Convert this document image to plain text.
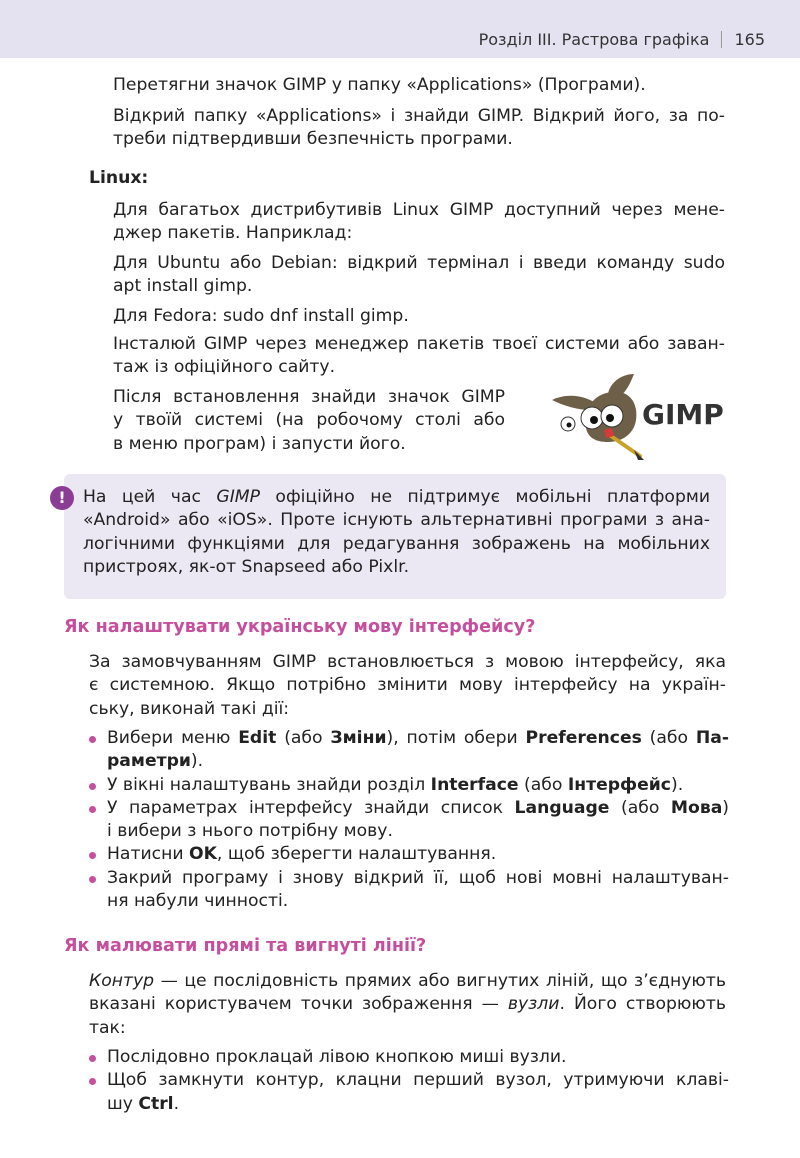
Розділ III. Растрова графіка 165
Перетягни значок GIMP у папку «Applications» (Програми).
Відкрий папку «Applications» і знайди GIMP. Відкрий його, за по-
треби підтвердивши безпечність програми.
Linux:
Для багатьох дистрибутивів Linux GIMP доступний через мене-
джер пакетів. Наприклад:
Для Ubuntu або Debian: відкрий термінал і введи команду sudo
apt install gimp.
Для Fedora: sudo dnf install gimp.
Інсталюй GIMP через менеджер пакетів твоєї системи або заван-
таж із офіційного сайту.
Після встановлення знайди значок GIMP
у твоїй системі (на робочому столі або
в меню програм) і запусти його.
GIMP
!	На цей час GIMP офіційно не підтримує мобільні платформи
«Android» або «iOS». Проте існують альтернативні програми з ана-
логічними функціями для редагування зображень на мобільних
пристроях, як-от Snapseed або Pixlr.
Як налаштувати українську мову інтерфейсу?
За замовчуванням GIMP встановлюється з мовою інтерфейсу, яка
є системною. Якщо потрібно змінити мову інтерфейсу на україн-
ську, виконай такі дії:
Вибери меню Edit (або Зміни), потім обери Preferences (або Па-
раметри).
У вікні налаштувань знайди розділ Interface (або Інтерфейс).
У параметрах інтерфейсу знайди список Language (або Мова)
і вибери з нього потрібну мову.
Натисни OK, щоб зберегти налаштування.
Закрий програму і знову відкрий її, щоб нові мовні налаштуван-
ня набули чинності.
Як малювати прямі та вигнуті лінії?
Контур — це послідовність прямих або вигнутих ліній, що з’єднують
вказані користувачем точки зображення — вузли. Його створюють
так:
Послідовно проклацай лівою кнопкою миші вузли.
Щоб замкнути контур, клацни перший вузол, утримуючи клаві-
шу Ctrl.
